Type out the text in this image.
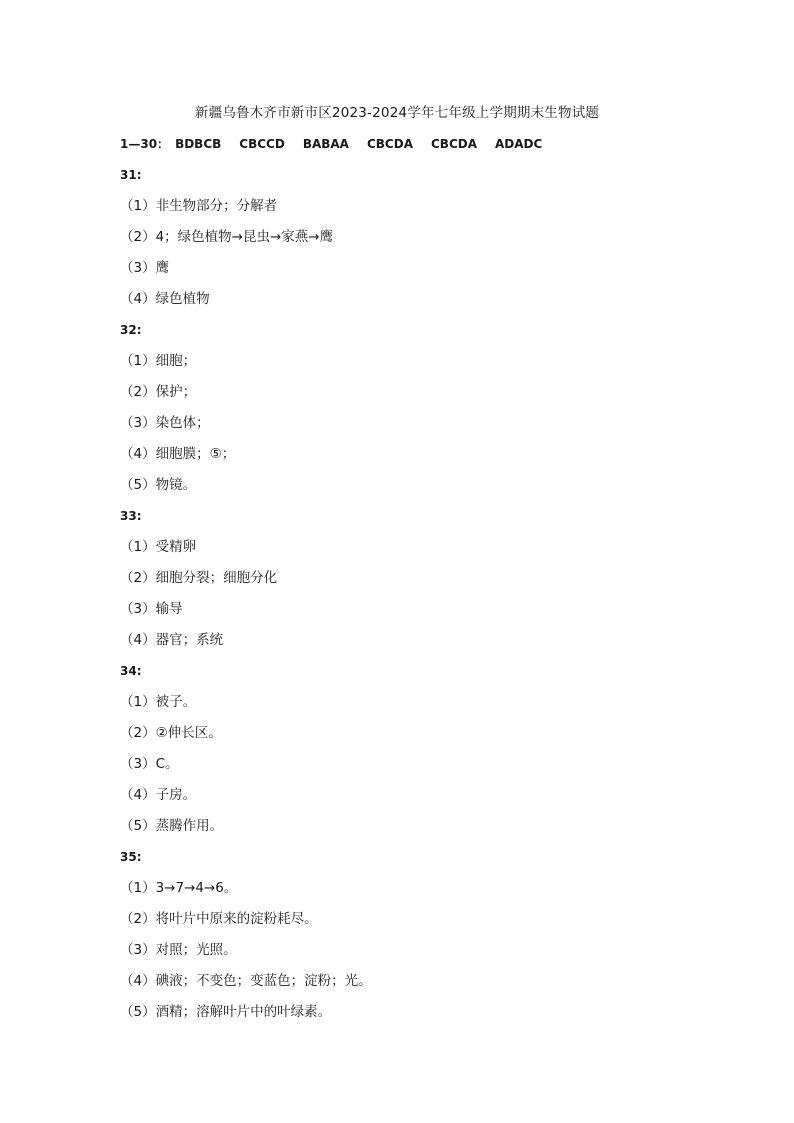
新疆乌鲁木齐市新市区2023-2024学年七年级上学期期末生物试题
1—30： BDBCB CBCCD BABAA CBCDA CBCDA ADADC
31:
（1）非生物部分；分解者
（2）4；绿色植物→昆虫→家燕→鹰
（3）鹰
（4）绿色植物
32:
（1）细胞；
（2）保护；
（3）染色体；
（4）细胞膜；⑤；
（5）物镜。
33:
（1）受精卵
（2）细胞分裂；细胞分化
（3）输导
（4）器官；系统
34:
（1）被子。
（2）②伸长区。
（3）C。
（4）子房。
（5）蒸腾作用。
35:
（1）3→7→4→6。
（2）将叶片中原来的淀粉耗尽。
（3）对照；光照。
（4）碘液；不变色；变蓝色；淀粉；光。
（5）酒精；溶解叶片中的叶绿素。
